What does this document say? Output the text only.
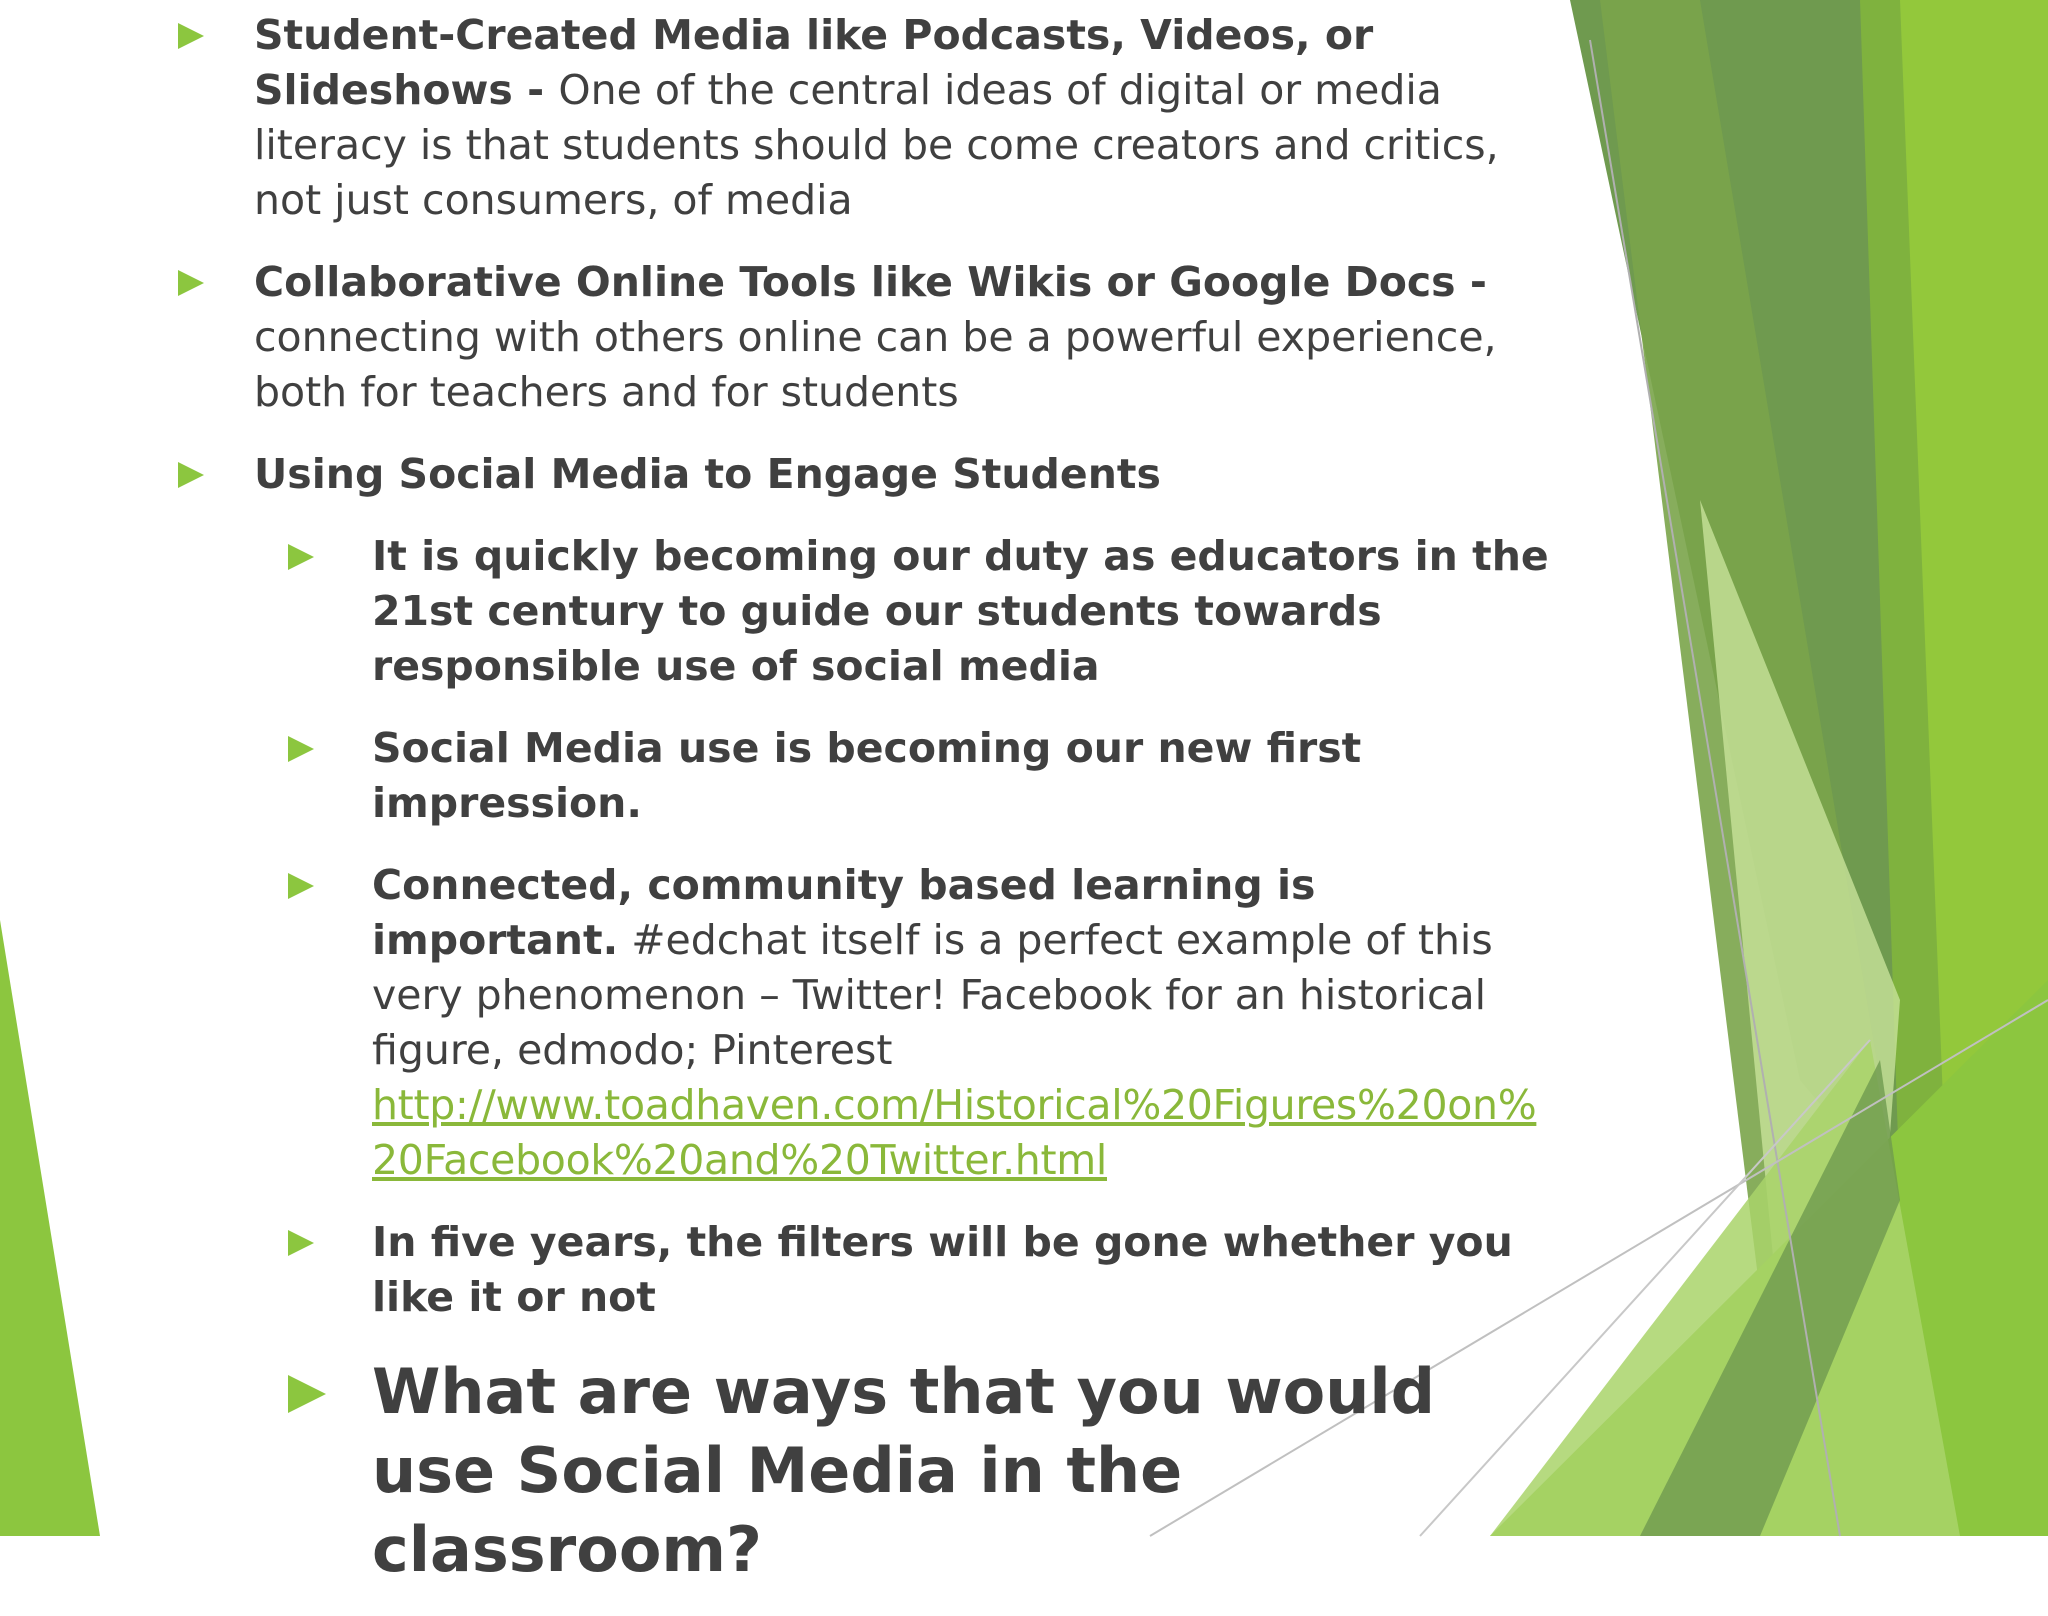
Student-Created Media like Podcasts, Videos, or Slideshows - One of the central ideas of digital or media literacy is that students should be come creators and critics, not just consumers, of media
Collaborative Online Tools like Wikis or Google Docs - connecting with others online can be a powerful experience, both for teachers and for students
Using Social Media to Engage Students
It is quickly becoming our duty as educators in the 21st century to guide our students towards responsible use of social media
Social Media use is becoming our new first impression.
Connected, community based learning is important. #edchat itself is a perfect example of this very phenomenon – Twitter! Facebook for an historical figure, edmodo; Pinterest
http://www.toadhaven.com/Historical%20Figures%20on%20Facebook%20and%20Twitter.html
In five years, the filters will be gone whether you like it or not
What are ways that you would use Social Media in the classroom?
